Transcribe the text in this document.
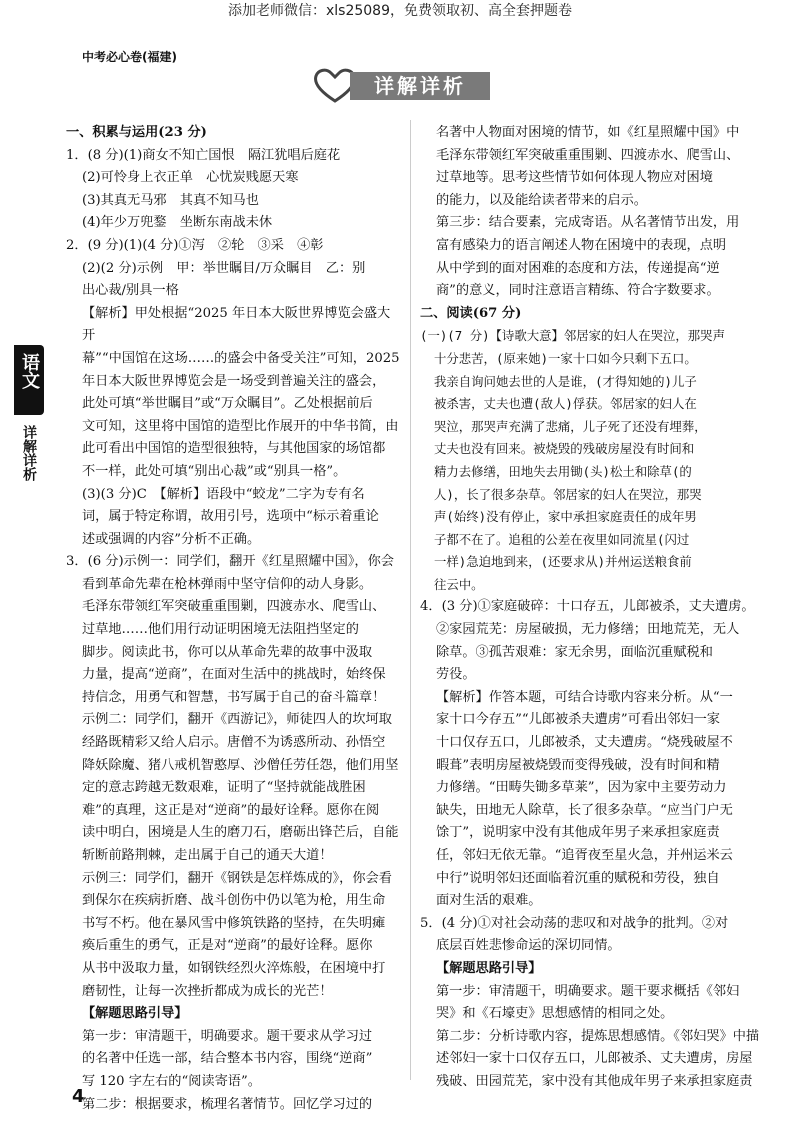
添加老师微信：xls25089，免费领取初、高全套押题卷
中考必心卷(福建)
详解详析
语文
详解详析

一、积累与运用(23 分)

1．(8 分)(1)商女不知亡国恨　隔江犹唱后庭花

(2)可怜身上衣正单　心忧炭贱愿天寒

(3)其真无马邪　其真不知马也

(4)年少万兜鍪　坐断东南战未休

2．(9 分)(1)(4 分)①泻　②轮　③采　④彰

(2)(2 分)示例　甲：举世瞩目/万众瞩目　乙：别

出心裁/别具一格

【解析】甲处根据“2025 年日本大阪世界博览会盛大开

幕”“中国馆在这场……的盛会中备受关注”可知，2025

年日本大阪世界博览会是一场受到普遍关注的盛会，

此处可填“举世瞩目”或“万众瞩目”。乙处根据前后

文可知，这里将中国馆的造型比作展开的中华书简，由

此可看出中国馆的造型很独特，与其他国家的场馆都

不一样，此处可填“别出心裁”或“别具一格”。

(3)(3 分)C　【解析】语段中“蛟龙”二字为专有名

词，属于特定称谓，故用引号，选项中“标示着重论

述或强调的内容”分析不正确。

3．(6 分)示例一：同学们，翻开《红星照耀中国》，你会

看到革命先辈在枪林弹雨中坚守信仰的动人身影。

毛泽东带领红军突破重重围剿，四渡赤水、爬雪山、

过草地……他们用行动证明困境无法阻挡坚定的

脚步。阅读此书，你可以从革命先辈的故事中汲取

力量，提高“逆商”，在面对生活中的挑战时，始终保

持信念，用勇气和智慧，书写属于自己的奋斗篇章！

示例二：同学们，翻开《西游记》，师徒四人的坎坷取

经路既精彩又给人启示。唐僧不为诱惑所动、孙悟空

降妖除魔、猪八戒机智憨厚、沙僧任劳任怨，他们用坚

定的意志跨越无数艰难，证明了“坚持就能战胜困

难”的真理，这正是对“逆商”的最好诠释。愿你在阅

读中明白，困境是人生的磨刀石，磨砺出锋芒后，自能

斩断前路荆棘，走出属于自己的通天大道！

示例三：同学们，翻开《钢铁是怎样炼成的》，你会看

到保尔在疾病折磨、战斗创伤中仍以笔为枪，用生命

书写不朽。他在暴风雪中修筑铁路的坚持，在失明瘫

痪后重生的勇气，正是对“逆商”的最好诠释。愿你

从书中汲取力量，如钢铁经烈火淬炼般，在困境中打

磨韧性，让每一次挫折都成为成长的光芒！

【解题思路引导】

第一步：审清题干，明确要求。题干要求从学习过

的名著中任选一部，结合整本书内容，围绕“逆商”

写 120 字左右的“阅读寄语”。

第二步：根据要求，梳理名著情节。回忆学习过的

名著中人物面对困境的情节，如《红星照耀中国》中

毛泽东带领红军突破重重围剿、四渡赤水、爬雪山、

过草地等。思考这些情节如何体现人物应对困境

的能力，以及能给读者带来的启示。

第三步：结合要素，完成寄语。从名著情节出发，用

富有感染力的语言阐述人物在困境中的表现，点明

从中学到的面对困难的态度和方法，传递提高“逆

商”的意义，同时注意语言精练、符合字数要求。

二、阅读(67 分)

(一)(7 分)【诗歌大意】邻居家的妇人在哭泣，那哭声

十分悲苦，(原来她)一家十口如今只剩下五口。

我亲自询问她去世的人是谁，(才得知她的)儿子

被杀害，丈夫也遭(敌人)俘获。邻居家的妇人在

哭泣，那哭声充满了悲痛，儿子死了还没有埋葬，

丈夫也没有回来。被烧毁的残破房屋没有时间和

精力去修缮，田地失去用锄(头)松土和除草(的

人)，长了很多杂草。邻居家的妇人在哭泣，那哭

声(始终)没有停止，家中承担家庭责任的成年男

子都不在了。追租的公差在夜里如同流星(闪过

一样)急迫地到来，(还要求从)并州运送粮食前

往云中。

4．(3 分)①家庭破碎：十口存五，儿郎被杀，丈夫遭虏。

②家园荒芜：房屋破损，无力修缮；田地荒芜，无人

除草。③孤苦艰难：家无余男，面临沉重赋税和

劳役。

【解析】作答本题，可结合诗歌内容来分析。从“一

家十口今存五”“儿郎被杀夫遭虏”可看出邻妇一家

十口仅存五口，儿郎被杀，丈夫遭虏。“烧残破屋不

暇葺”表明房屋被烧毁而变得残破，没有时间和精

力修缮。“田畴失锄多草莱”，因为家中主要劳动力

缺失，田地无人除草，长了很多杂草。“应当门户无

馀丁”，说明家中没有其他成年男子来承担家庭责

任，邻妇无依无靠。“追胥夜至星火急，并州运米云

中行”说明邻妇还面临着沉重的赋税和劳役，独自

面对生活的艰难。

5．(4 分)①对社会动荡的悲叹和对战争的批判。②对

底层百姓悲惨命运的深切同情。

【解题思路引导】

第一步：审清题干，明确要求。题干要求概括《邻妇

哭》和《石壕吏》思想感情的相同之处。

第二步：分析诗歌内容，提炼思想感情。《邻妇哭》中描

述邻妇一家十口仅存五口，儿郎被杀、丈夫遭虏，房屋

残破、田园荒芜，家中没有其他成年男子来承担家庭责

4
